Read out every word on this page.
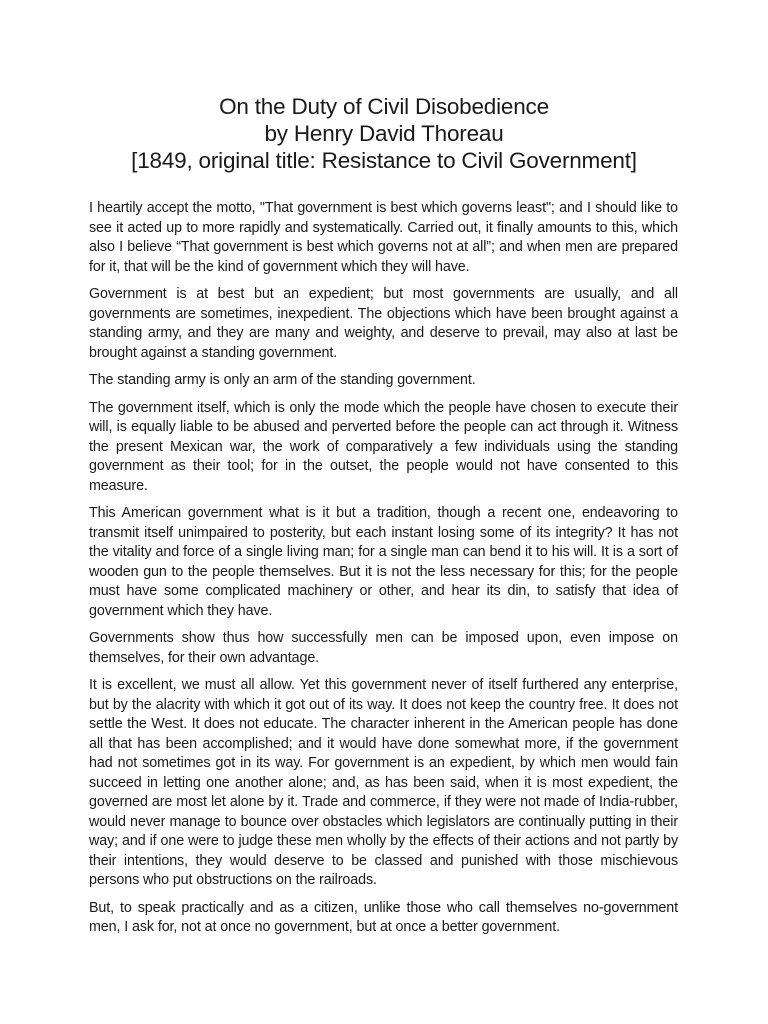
On the Duty of Civil Disobedience
by Henry David Thoreau
[1849, original title: Resistance to Civil Government]

I heartily accept the motto, "That government is best which governs least"; and I should like to see it acted up to more rapidly and systematically. Carried out, it finally amounts to this, which also I believe “That government is best which governs not at all”; and when men are prepared for it, that will be the kind of government which they will have.

Government is at best but an expedient; but most governments are usually, and all governments are sometimes, inexpedient. The objections which have been brought against a standing army, and they are many and weighty, and deserve to prevail, may also at last be brought against a standing government.

The standing army is only an arm of the standing government.

The government itself, which is only the mode which the people have chosen to execute their will, is equally liable to be abused and perverted before the people can act through it. Witness the present Mexican war, the work of comparatively a few individuals using the standing government as their tool; for in the outset, the people would not have consented to this measure.

This American government what is it but a tradition, though a recent one, endeavoring to transmit itself unimpaired to posterity, but each instant losing some of its integrity? It has not the vitality and force of a single living man; for a single man can bend it to his will. It is a sort of wooden gun to the people themselves. But it is not the less necessary for this; for the people must have some complicated machinery or other, and hear its din, to satisfy that idea of government which they have.

Governments show thus how successfully men can be imposed upon, even impose on themselves, for their own advantage.

It is excellent, we must all allow. Yet this government never of itself furthered any enterprise, but by the alacrity with which it got out of its way. It does not keep the country free. It does not settle the West. It does not educate. The character inherent in the American people has done all that has been accomplished; and it would have done somewhat more, if the government had not sometimes got in its way. For government is an expedient, by which men would fain succeed in letting one another alone; and, as has been said, when it is most expedient, the governed are most let alone by it. Trade and commerce, if they were not made of India-rubber, would never manage to bounce over obstacles which legislators are continually putting in their way; and if one were to judge these men wholly by the effects of their actions and not partly by their intentions, they would deserve to be classed and punished with those mischievous persons who put obstructions on the railroads.

But, to speak practically and as a citizen, unlike those who call themselves no-government men, I ask for, not at once no government, but at once a better government.
